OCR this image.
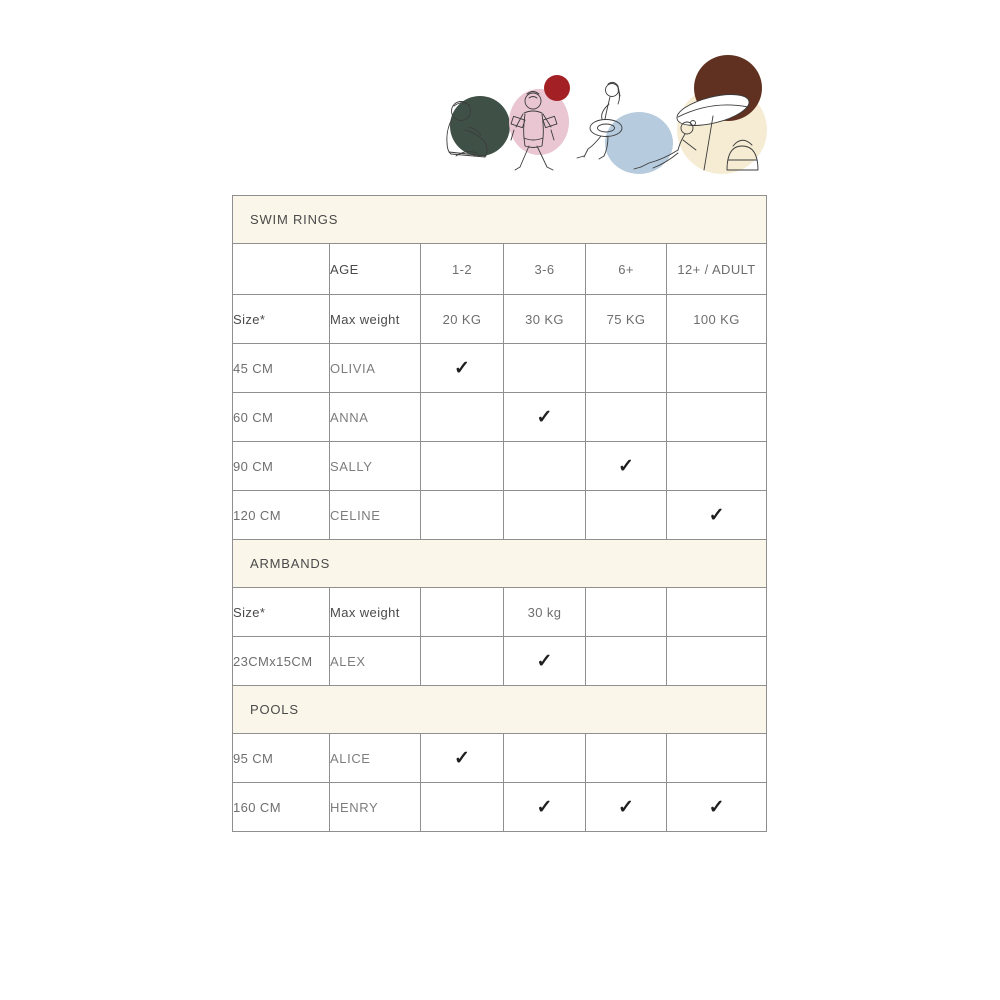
SWIM RINGS					
	AGE	1-2	3-6	6+	12+ / ADULT
Size*	Max weight	20 KG	30 KG	75 KG	100 KG
45 CM	OLIVIA	✓			
60 CM	ANNA		✓		
90 CM	SALLY			✓	
120 CM	CELINE				✓
ARMBANDS					
Size*	Max weight		30 kg		
23CMx15CM	ALEX		✓		
POOLS					
95 CM	ALICE	✓			
160 CM	HENRY		✓	✓	✓
